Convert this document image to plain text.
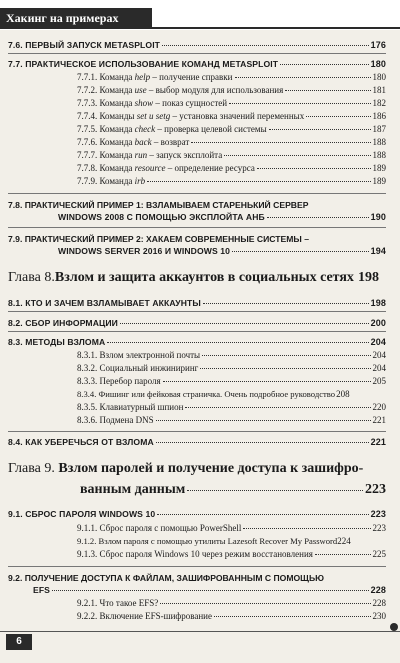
Хакинг на примерах
7.6. ПЕРВЫЙ ЗАПУСК METASPLOIT	176
7.7. ПРАКТИЧЕСКОЕ ИСПОЛЬЗОВАНИЕ КОМАНД METASPLOIT	180
7.7.1. Команда help – получение справки	180
7.7.2. Команда use – выбор модуля для использования	181
7.7.3. Команда show – показ сущностей	182
7.7.4. Команды set и setg – установка значений переменных	186
7.7.5. Команда check – проверка целевой системы	187
7.7.6. Команда back – возврат	188
7.7.7. Команда run – запуск эксплойта	188
7.7.8. Команда resource – определение ресурса	189
7.7.9. Команда irb	189
7.8. ПРАКТИЧЕСКИЙ ПРИМЕР 1: ВЗЛАМЫВАЕМ СТАРЕНЬКИЙ СЕРВЕР
WINDOWS 2008 С ПОМОЩЬЮ ЭКСПЛОЙТА АНБ	190
7.9. ПРАКТИЧЕСКИЙ ПРИМЕР 2: ХАКАЕМ СОВРЕМЕННЫЕ СИСТЕМЫ –
WINDOWS SERVER 2016 И WINDOWS 10	194
Глава 8. Взлом и защита аккаунтов в социальных сетях 198
8.1. КТО И ЗАЧЕМ ВЗЛАМЫВАЕТ АККАУНТЫ	198
8.2. СБОР ИНФОРМАЦИИ	200
8.3. МЕТОДЫ ВЗЛОМА	204
8.3.1. Взлом электронной почты	204
8.3.2. Социальный инжиниринг	204
8.3.3. Перебор пароля	205
8.3.4. Фишинг или фейковая страничка. Очень подробное руководство 208
8.3.5. Клавиатурный шпион	220
8.3.6. Подмена DNS	221
8.4. КАК УБЕРЕЧЬСЯ ОТ ВЗЛОМА	221
Глава 9. Взлом паролей и получение доступа к зашифро-
ванным данным	223
9.1. СБРОС ПАРОЛЯ WINDOWS 10	223
9.1.1. Сброс пароля с помощью PowerShell	223
9.1.2. Взлом пароля с помощью утилиты Lazesoft Recover My Password 224
9.1.3. Сброс пароля Windows 10 через режим восстановления	225
9.2. ПОЛУЧЕНИЕ ДОСТУПА К ФАЙЛАМ, ЗАШИФРОВАННЫМ С ПОМОЩЬЮ
EFS	228
9.2.1. Что такое EFS?	228
9.2.2. Включение EFS-шифрование	230
6
